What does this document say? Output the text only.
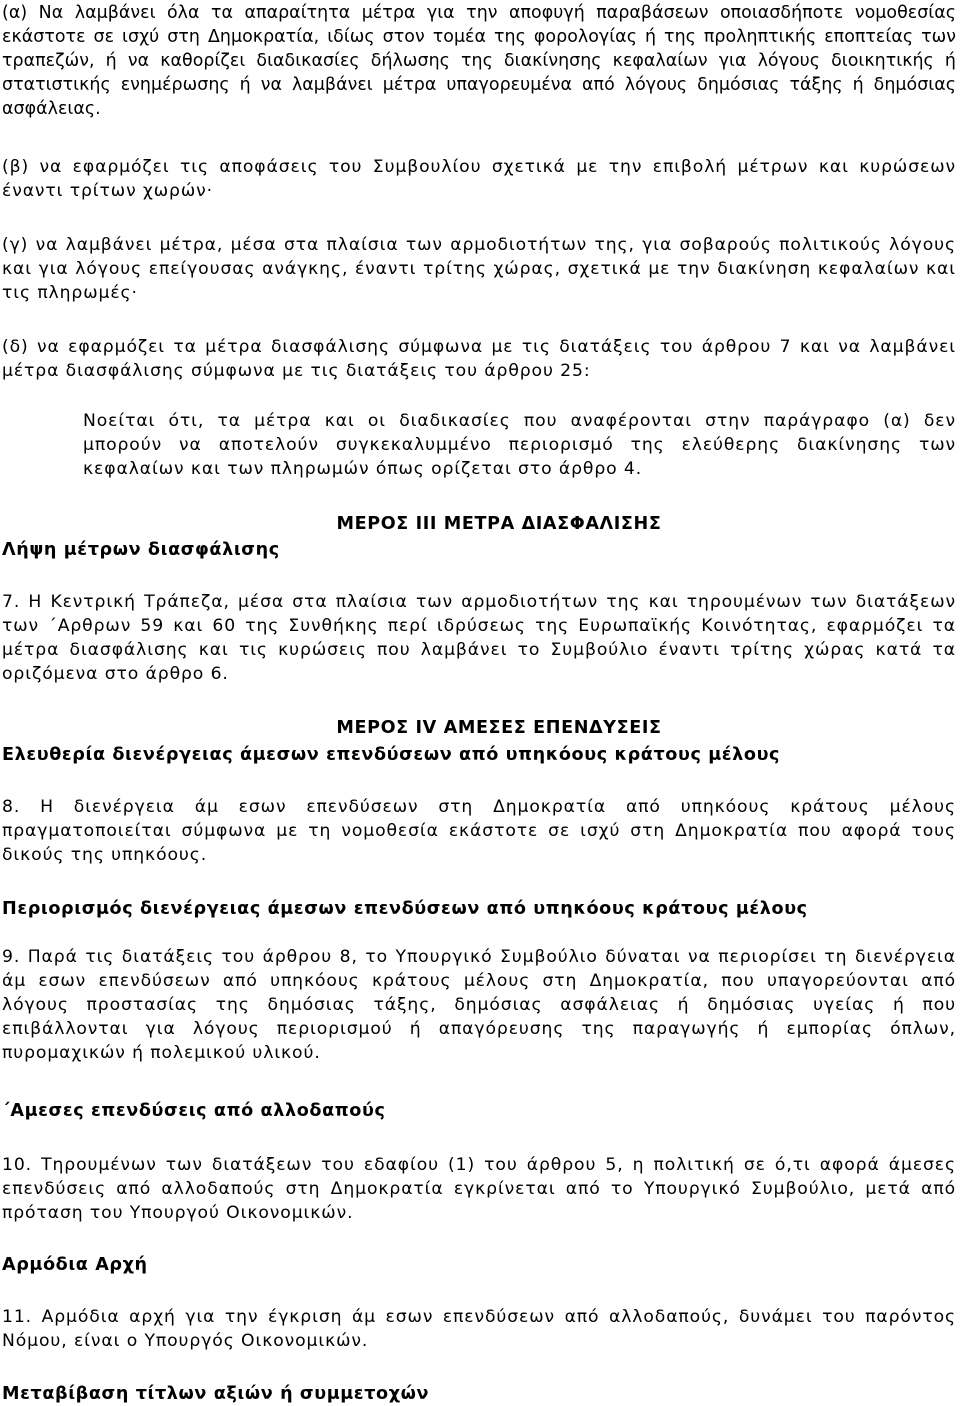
(α) Να λαμβάνει όλα τα απαραίτητα μέτρα για την αποφυγή παραβάσεων οποιασδήποτε νομοθεσίας εκάστοτε σε ισχύ στη Δημοκρατία, ιδίως στον τομέα της φορολογίας ή της προληπτικής εποπτείας των τραπεζών, ή να καθορίζει διαδικασίες δήλωσης της διακίνησης κεφαλαίων για λόγους διοικητικής ή στατιστικής ενημέρωσης ή να λαμβάνει μέτρα υπαγορευμένα από λόγους δημόσιας τάξης ή δημόσιας ασφάλειας.

(β) να εφαρμόζει τις αποφάσεις του Συμβουλίου σχετικά με την επιβολή μέτρων και κυρώσεων έναντι τρίτων χωρών·

(γ) να λαμβάνει μέτρα, μέσα στα πλαίσια των αρμοδιοτήτων της, για σοβαρούς πολιτικούς λόγους και για λόγους επείγουσας ανάγκης, έναντι τρίτης χώρας, σχετικά με την διακίνηση κεφαλαίων και τις πληρωμές·

(δ) να εφαρμόζει τα μέτρα διασφάλισης σύμφωνα με τις διατάξεις του άρθρου 7 και να λαμβάνει μέτρα διασφάλισης σύμφωνα με τις διατάξεις του άρθρου 25:

Νοείται ότι, τα μέτρα και οι διαδικασίες που αναφέρονται στην παράγραφο (α) δεν μπορούν να αποτελούν συγκεκαλυμμένο περιορισμό της ελεύθερης διακίνησης των κεφαλαίων και των πληρωμών όπως ορίζεται στο άρθρο 4.

ΜΕΡΟΣ ΙΙΙ ΜΕΤΡΑ ΔΙΑΣΦΑΛΙΣΗΣ
Λήψη μέτρων διασφάλισης

7. Η Κεντρική Τράπεζα, μέσα στα πλαίσια των αρμοδιοτήτων της και τηρουμένων των διατάξεων των ΄Αρθρων 59 και 60 της Συνθήκης περί ιδρύσεως της Ευρωπαϊκής Κοινότητας, εφαρμόζει τα μέτρα διασφάλισης και τις κυρώσεις που λαμβάνει το Συμβούλιο έναντι τρίτης χώρας κατά τα οριζόμενα στο άρθρο 6.

ΜΕΡΟΣ ΙV ΑΜΕΣΕΣ ΕΠΕΝΔΥΣΕΙΣ
Ελευθερία διενέργειας άμεσων επενδύσεων από υπηκόους κράτους μέλους

8. Η διενέργεια άμ εσων επενδύσεων στη Δημοκρατία από υπηκόους κράτους μέλους πραγματοποιείται σύμφωνα με τη νομοθεσία εκάστοτε σε ισχύ στη Δημοκρατία που αφορά τους δικούς της υπηκόους.

Περιορισμός διενέργειας άμεσων επενδύσεων από υπηκόους κράτους μέλους

9. Παρά τις διατάξεις του άρθρου 8, το Υπουργικό Συμβούλιο δύναται να περιορίσει τη διενέργεια άμ εσων επενδύσεων από υπηκόους κράτους μέλους στη Δημοκρατία, που υπαγορεύονται από λόγους προστασίας της δημόσιας τάξης, δημόσιας ασφάλειας ή δημόσιας υγείας ή που επιβάλλονται για λόγους περιορισμού ή απαγόρευσης της παραγωγής ή εμπορίας όπλων, πυρομαχικών ή πολεμικού υλικού.

΄Αμεσες επενδύσεις από αλλοδαπούς

10. Τηρουμένων των διατάξεων του εδαφίου (1) του άρθρου 5, η πολιτική σε ό,τι αφορά άμεσες επενδύσεις από αλλοδαπούς στη Δημοκρατία εγκρίνεται από το Υπουργικό Συμβούλιο, μετά από πρόταση του Υπουργού Οικονομικών.

Αρμόδια Αρχή

11. Αρμόδια αρχή για την έγκριση άμ εσων επενδύσεων από αλλοδαπούς, δυνάμει του παρόντος Νόμου, είναι ο Υπουργός Οικονομικών.

Μεταβίβαση τίτλων αξιών ή συμμετοχών
